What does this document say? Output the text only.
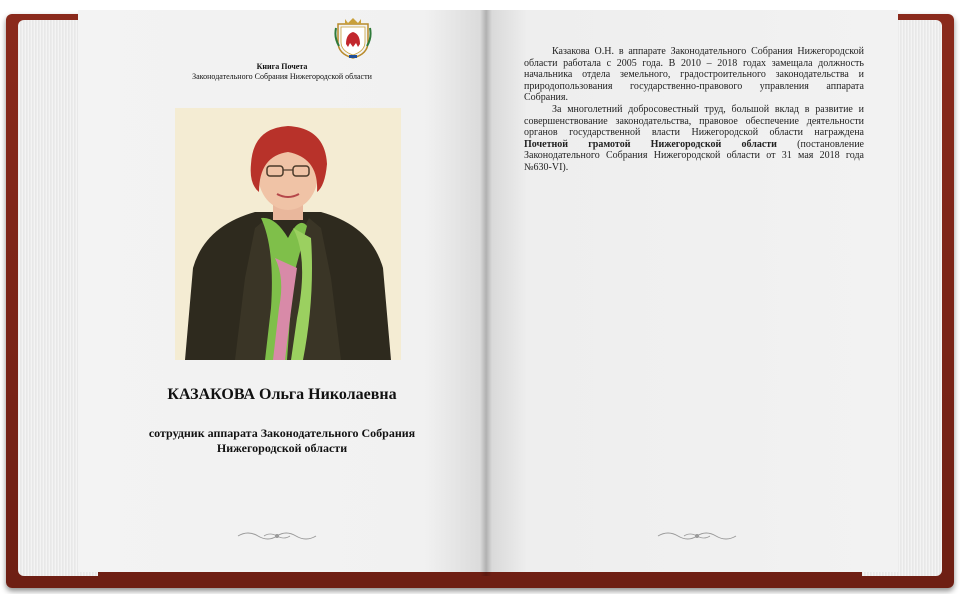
Книга Почета
Законодательного Собрания Нижегородской области
КАЗАКОВА Ольга Николаевна
сотрудник аппарата Законодательного Собрания Нижегородской области

Казакова О.Н. в аппарате Законодательного Собрания Нижегородской области работала с 2005 года. В 2010 – 2018 годах замещала должность начальника отдела земельного, градостроительного законодательства и природопользования государственно-правового управления аппарата Собрания.

За многолетний добросовестный труд, большой вклад в развитие и совершенствование законодательства, правовое обеспечение деятельности органов государственной власти Нижегородской области награждена Почетной грамотой Нижегородской области (постановление Законодательного Собрания Нижегородской области от 31 мая 2018 года №630-VI).
